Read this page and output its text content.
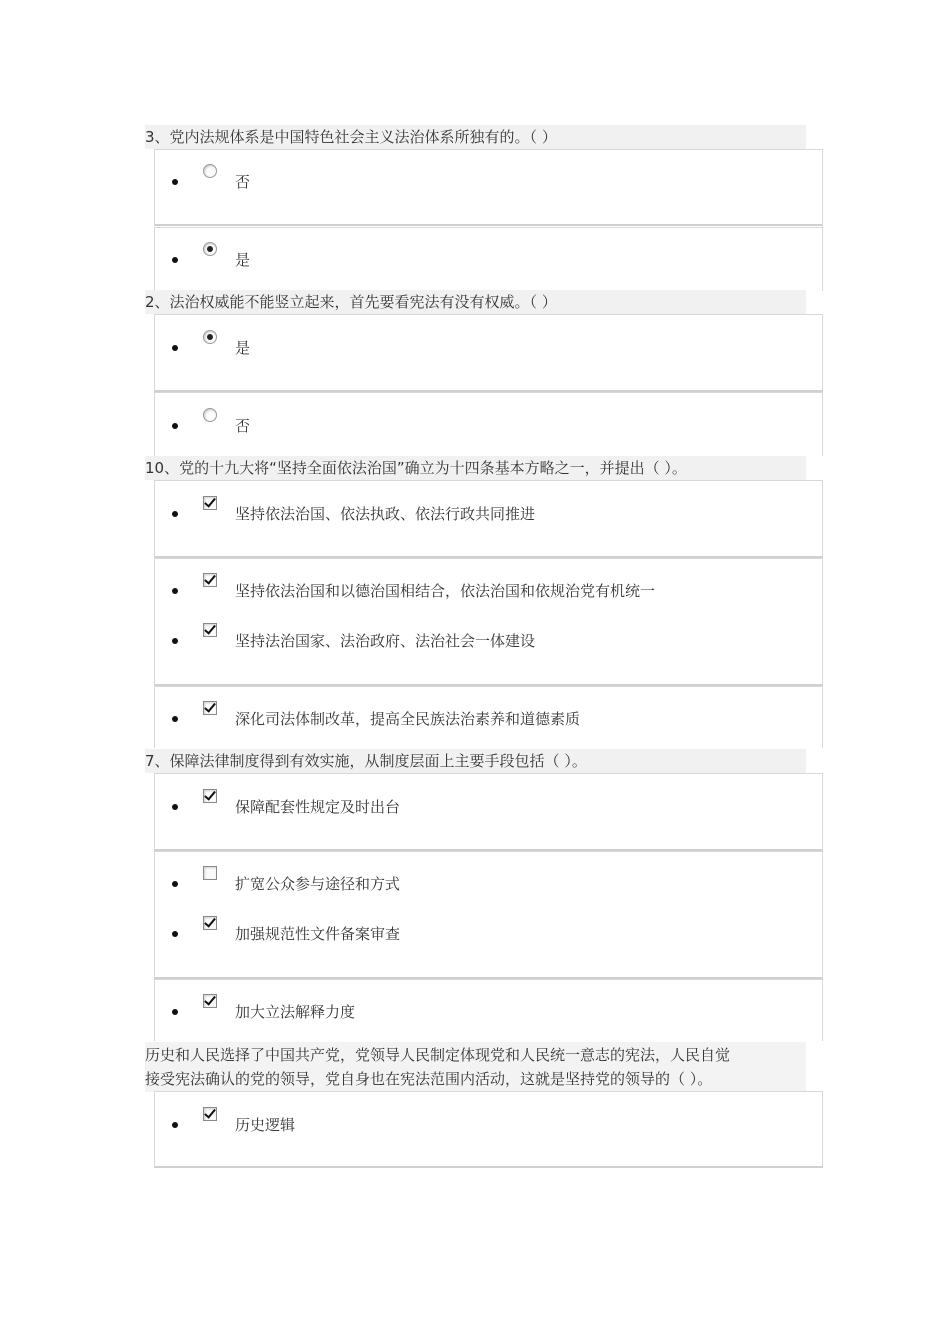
3、党内法规体系是中国特色社会主义法治体系所独有的。（ ）
否
是
2、法治权威能不能竖立起来，首先要看宪法有没有权威。（ ）
是
否
10、党的十九大将“坚持全面依法治国”确立为十四条基本方略之一，并提出（ ）。
坚持依法治国、依法执政、依法行政共同推进
坚持依法治国和以德治国相结合，依法治国和依规治党有机统一
坚持法治国家、法治政府、法治社会一体建设
深化司法体制改革，提高全民族法治素养和道德素质
7、保障法律制度得到有效实施，从制度层面上主要手段包括（ ）。
保障配套性规定及时出台
扩宽公众参与途径和方式
加强规范性文件备案审查
加大立法解释力度
历史和人民选择了中国共产党，党领导人民制定体现党和人民统一意志的宪法，人民自觉
接受宪法确认的党的领导，党自身也在宪法范围内活动，这就是坚持党的领导的（ ）。
历史逻辑
